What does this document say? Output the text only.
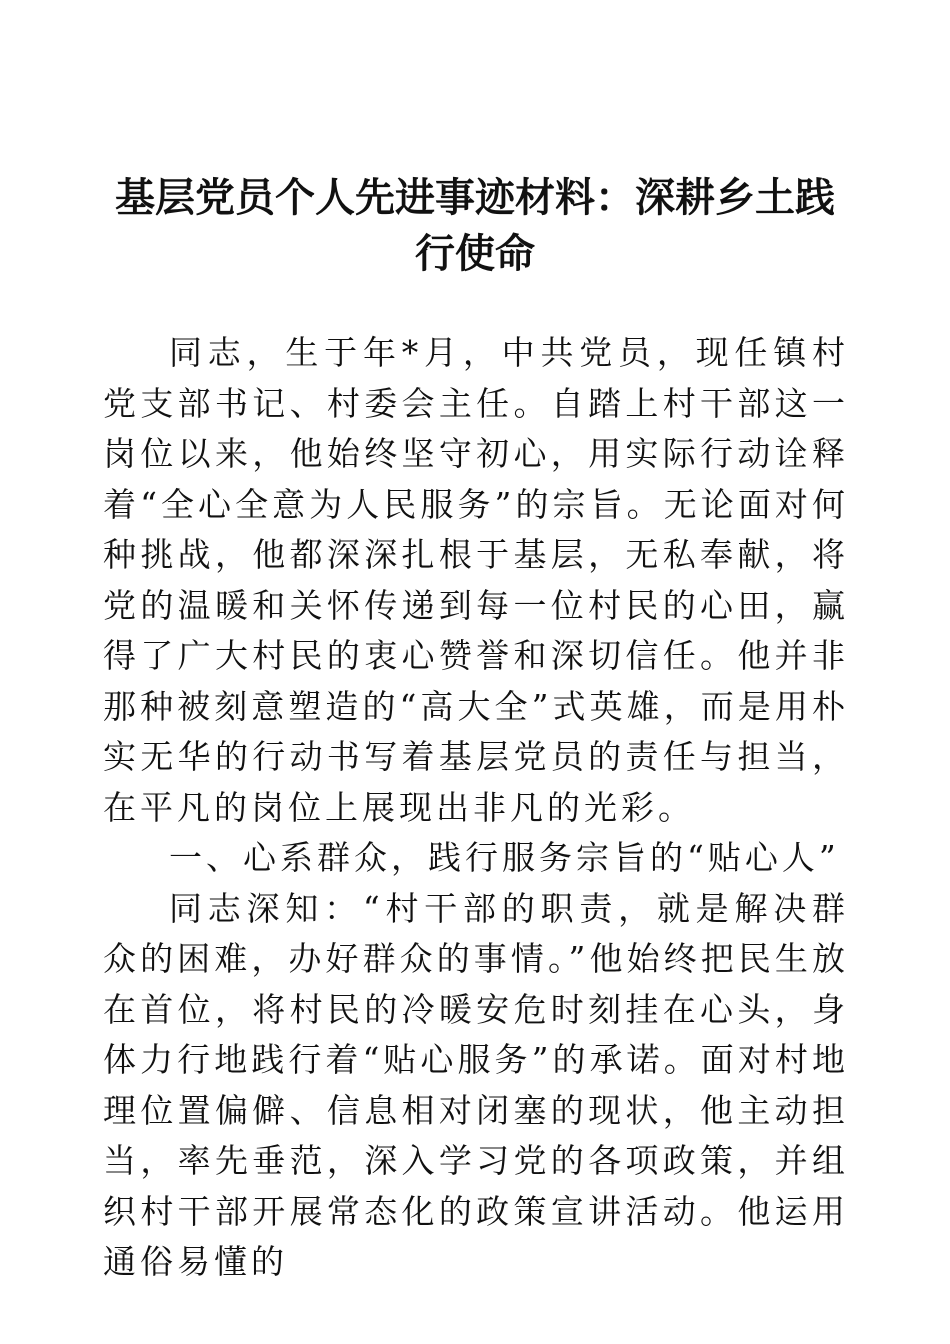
基层党员个人先进事迹材料：深耕乡土践行使命

同志，生于年*月，中共党员，现任镇村党支部书记、村委会主任。自踏上村干部这一岗位以来，他始终坚守初心，用实际行动诠释着“全心全意为人民服务”的宗旨。无论面对何种挑战，他都深深扎根于基层，无私奉献，将党的温暖和关怀传递到每一位村民的心田，赢得了广大村民的衷心赞誉和深切信任。他并非那种被刻意塑造的“高大全”式英雄，而是用朴实无华的行动书写着基层党员的责任与担当，在平凡的岗位上展现出非凡的光彩。

一、心系群众，践行服务宗旨的“贴心人”

同志深知：“村干部的职责，就是解决群众的困难，办好群众的事情。”他始终把民生放在首位，将村民的冷暖安危时刻挂在心头，身体力行地践行着“贴心服务”的承诺。面对村地理位置偏僻、信息相对闭塞的现状，他主动担当，率先垂范，深入学习党的各项政策，并组织村干部开展常态化的政策宣讲活动。他运用通俗易懂的
